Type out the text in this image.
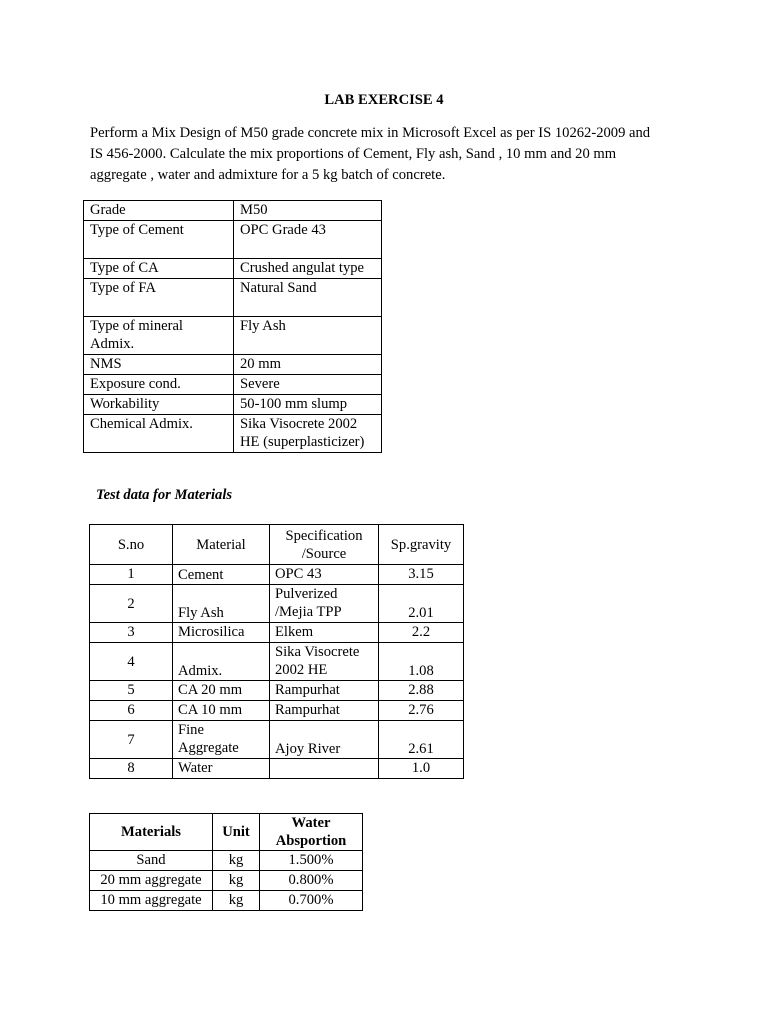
LAB EXERCISE 4
Perform a Mix Design of M50 grade concrete mix in Microsoft Excel as per IS 10262-2009 and
IS 456-2000. Calculate the mix proportions of Cement, Fly ash, Sand , 10 mm and 20 mm
aggregate , water and admixture for a 5 kg batch of concrete.
Grade	M50
Type of Cement	OPC Grade 43
Type of CA	Crushed angulat type
Type of FA	Natural Sand
Type of mineral Admix.	Fly Ash
NMS	20 mm
Exposure cond.	Severe
Workability	50-100 mm slump
Chemical Admix.	Sika Visocrete 2002 HE (superplasticizer)
Test data for Materials
S.no	Material	Specification /Source	Sp.gravity
1	Cement	OPC 43	3.15
2	Fly Ash	Pulverized /Mejia TPP	2.01
3	Microsilica	Elkem	2.2
4	Admix.	Sika Visocrete 2002 HE	1.08
5	CA 20 mm	Rampurhat	2.88
6	CA 10 mm	Rampurhat	2.76
7	Fine Aggregate	Ajoy River	2.61
8	Water		1.0
Materials	Unit	Water Absportion
Sand	kg	1.500%
20 mm aggregate	kg	0.800%
10 mm aggregate	kg	0.700%
